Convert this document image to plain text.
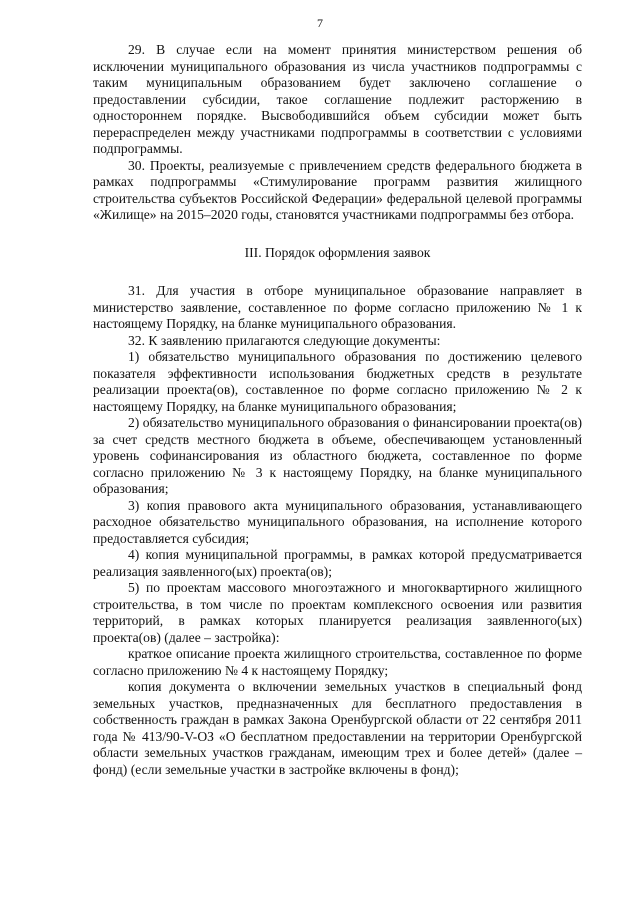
7

29. В случае если на момент принятия министерством решения об исключении муниципального образования из числа участников подпрограммы с таким муниципальным образованием будет заключено соглашение о предоставлении субсидии, такое соглашение подлежит расторжению в одностороннем порядке. Высвободившийся объем субсидии может быть перераспределен между участниками подпрограммы в соответствии с условиями подпрограммы.

30. Проекты, реализуемые с привлечением средств федерального бюджета в рамках подпрограммы «Стимулирование программ развития жилищного строительства субъектов Российской Федерации» федеральной целевой программы «Жилище» на 2015–2020 годы, становятся участниками подпрограммы без отбора.

III. Порядок оформления заявок

31. Для участия в отборе муниципальное образование направляет в министерство заявление, составленное по форме согласно приложению № 1 к настоящему Порядку, на бланке муниципального образования.

32. К заявлению прилагаются следующие документы:

1) обязательство муниципального образования по достижению целевого показателя эффективности использования бюджетных средств в результате реализации проекта(ов), составленное по форме согласно приложению № 2 к настоящему Порядку, на бланке муниципального образования;

2) обязательство муниципального образования о финансировании проекта(ов) за счет средств местного бюджета в объеме, обеспечивающем установленный уровень софинансирования из областного бюджета, составленное по форме согласно приложению № 3 к настоящему Порядку, на бланке муниципального образования;

3) копия правового акта муниципального образования, устанавливающего расходное обязательство муниципального образования, на исполнение которого предоставляется субсидия;

4) копия муниципальной программы, в рамках которой предусматривается реализация заявленного(ых) проекта(ов);

5) по проектам массового многоэтажного и многоквартирного жилищного строительства, в том числе по проектам комплексного освоения или развития территорий, в рамках которых планируется реализация заявленного(ых) проекта(ов) (далее – застройка):

краткое описание проекта жилищного строительства, составленное по форме согласно приложению № 4 к настоящему Порядку;

копия документа о включении земельных участков в специальный фонд земельных участков, предназначенных для бесплатного предоставления в собственность граждан в рамках Закона Оренбургской области от 22 сентября 2011 года № 413/90-V-ОЗ «О бесплатном предоставлении на территории Оренбургской области земельных участков гражданам, имеющим трех и более детей» (далее – фонд) (если земельные участки в застройке включены в фонд);
